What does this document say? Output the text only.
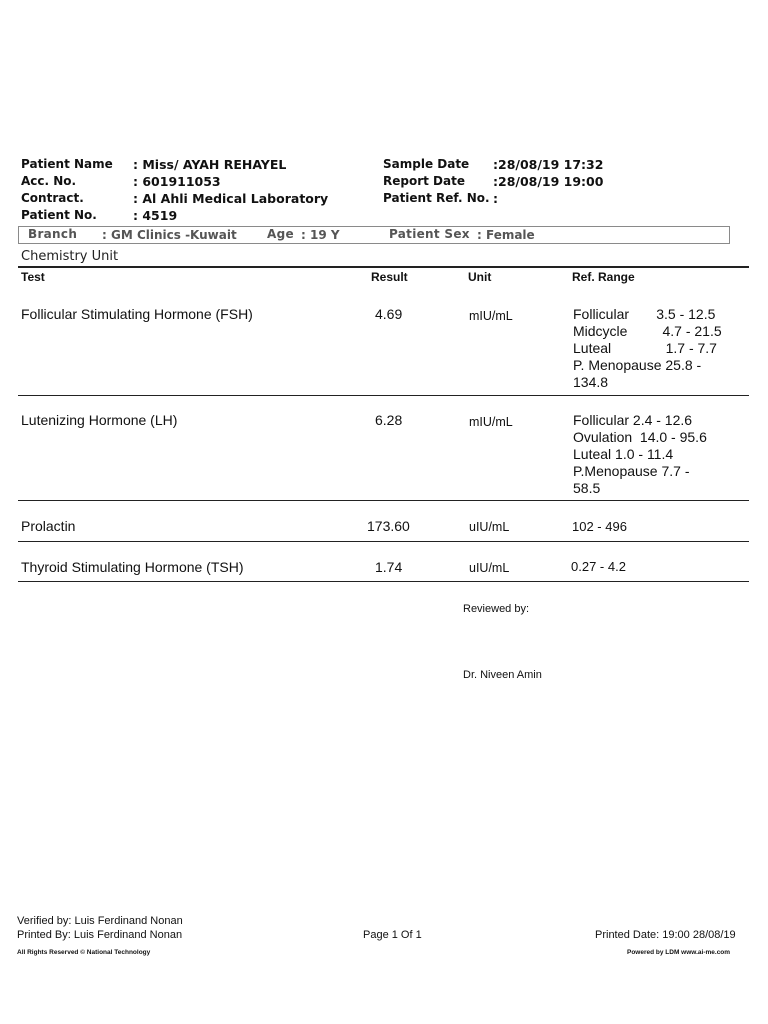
Patient Name : Miss/ AYAH REHAYEL
Acc. No.	: 601911053
Contract.	: Al Ahli Medical Laboratory
Patient No.	: 4519
Sample Date :28/08/19 17:32
Report Date :28/08/19 19:00
Patient Ref. No. :
Branch : GM Clinics -Kuwait	Age : 19 Y	Patient Sex : Female
Chemistry Unit
Test	Result	Unit	Ref. Range
Follicular Stimulating Hormone (FSH)	4.69	mIU/mL	Follicular       3.5 - 12.5
Midcycle         4.7 - 21.5
Luteal              1.7 - 7.7
P. Menopause 25.8 -
134.8
Lutenizing Hormone (LH)	6.28	mIU/mL	Follicular 2.4 - 12.6
Ovulation  14.0 - 95.6
Luteal 1.0 - 11.4
P.Menopause 7.7 -
58.5
Prolactin	173.60	uIU/mL	102 - 496
Thyroid Stimulating Hormone (TSH)	1.74	uIU/mL	0.27 - 4.2
Reviewed by:
Dr. Niveen Amin
Verified by: Luis Ferdinand Nonan
Printed By: Luis Ferdinand Nonan	Page 1 Of 1	Printed Date: 19:00 28/08/19
All Rights Reserved © National Technology	Powered by LDM www.ai-me.com
